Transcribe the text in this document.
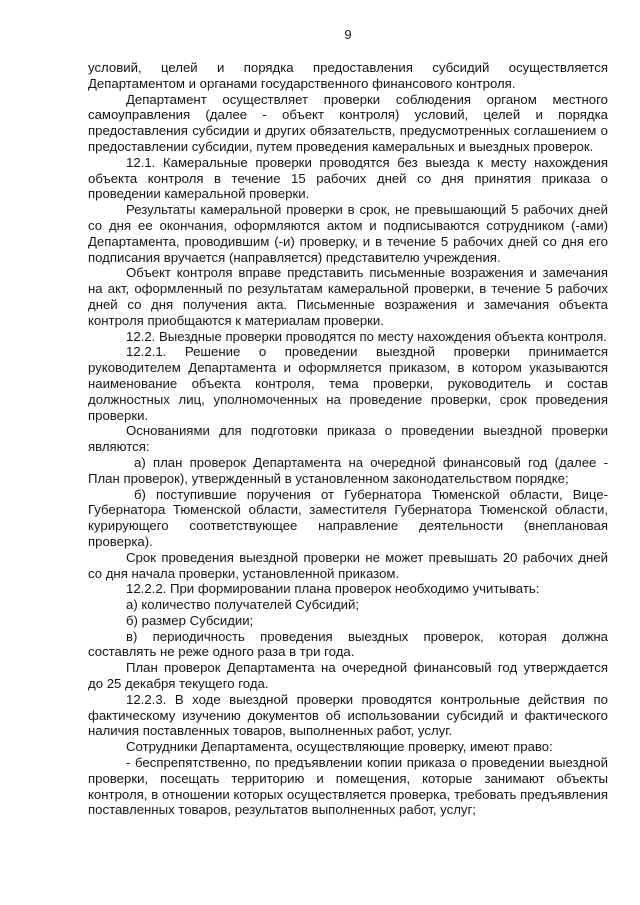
9

условий, целей и порядка предоставления субсидий осуществляется Департаментом и органами государственного финансового контроля.

Департамент осуществляет проверки соблюдения органом местного самоуправления (далее - объект контроля) условий, целей и порядка предоставления субсидии и других обязательств, предусмотренных соглашением о предоставлении субсидии, путем проведения камеральных и выездных проверок.

12.1. Камеральные проверки проводятся без выезда к месту нахождения объекта контроля в течение 15 рабочих дней со дня принятия приказа о проведении камеральной проверки.

Результаты камеральной проверки в срок, не превышающий 5 рабочих дней со дня ее окончания, оформляются актом и подписываются сотрудником (-ами) Департамента, проводившим (-и) проверку, и в течение 5 рабочих дней со дня его подписания вручается (направляется) представителю учреждения.

Объект контроля вправе представить письменные возражения и замечания на акт, оформленный по результатам камеральной проверки, в течение 5 рабочих дней со дня получения акта. Письменные возражения и замечания объекта контроля приобщаются к материалам проверки.

12.2. Выездные проверки проводятся по месту нахождения объекта контроля.

12.2.1. Решение о проведении выездной проверки принимается руководителем Департамента и оформляется приказом, в котором указываются наименование объекта контроля, тема проверки, руководитель и состав должностных лиц, уполномоченных на проведение проверки, срок проведения проверки.

Основаниями для подготовки приказа о проведении выездной проверки являются:

а) план проверок Департамента на очередной финансовый год (далее - План проверок), утвержденный в установленном законодательством порядке;

б) поступившие поручения от Губернатора Тюменской области, Вице-Губернатора Тюменской области, заместителя Губернатора Тюменской области, курирующего соответствующее направление деятельности (внеплановая проверка).

Срок проведения выездной проверки не может превышать 20 рабочих дней со дня начала проверки, установленной приказом.

12.2.2. При формировании плана проверок необходимо учитывать:

а) количество получателей Субсидий;

б) размер Субсидии;

в) периодичность проведения выездных проверок, которая должна составлять не реже одного раза в три года.

План проверок Департамента на очередной финансовый год утверждается до 25 декабря текущего года.

12.2.3. В ходе выездной проверки проводятся контрольные действия по фактическому изучению документов об использовании субсидий и фактического наличия поставленных товаров, выполненных работ, услуг.

Сотрудники Департамента, осуществляющие проверку, имеют право:

- беспрепятственно, по предъявлении копии приказа о проведении выездной проверки, посещать территорию и помещения, которые занимают объекты контроля, в отношении которых осуществляется проверка, требовать предъявления поставленных товаров, результатов выполненных работ, услуг;
